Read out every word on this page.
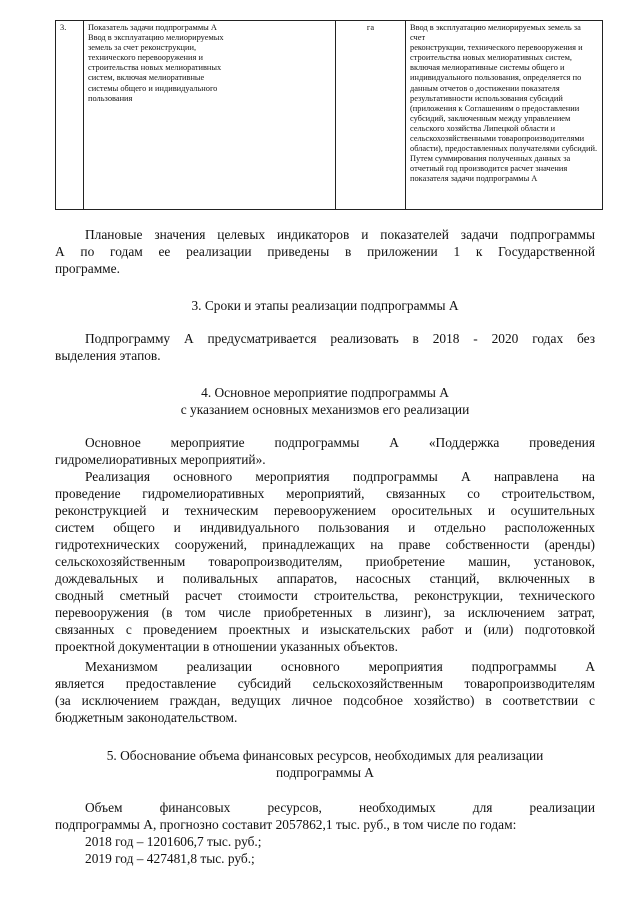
3.	Показатель задачи подпрограммы А
Ввод в эксплуатацию мелиорируемых
земель за счет реконструкции,
технического перевооружения и
строительства новых мелиоративных
систем, включая мелиоративные
системы общего и индивидуального
пользования
га	Ввод в эксплуатацию мелиорируемых земель за счет
реконструкции, технического перевооружения и
строительства новых мелиоративных систем,
включая мелиоративные системы общего и
индивидуального пользования, определяется по
данным отчетов о достижении показателя
результативности использования субсидий
(приложения к Соглашениям о предоставлении
субсидий, заключенным между управлением
сельского хозяйства Липецкой области и
сельскохозяйственными товаропроизводителями
области), предоставленных получателями субсидий.
Путем суммирования полученных данных за
отчетный год производится расчет значения
показателя задачи подпрограммы А
Плановые значения целевых индикаторов и показателей задачи подпрограммы
А по годам ее реализации приведены в приложении 1 к Государственной
программе.
3. Сроки и этапы реализации подпрограммы А
Подпрограмму А предусматривается реализовать в 2018 - 2020 годах без
выделения этапов.
4. Основное мероприятие подпрограммы А
с указанием основных механизмов его реализации
Основное мероприятие подпрограммы А «Поддержка проведения
гидромелиоративных мероприятий».
Реализация основного мероприятия подпрограммы А направлена на
проведение гидромелиоративных мероприятий, связанных со строительством,
реконструкцией и техническим перевооружением оросительных и осушительных
систем общего и индивидуального пользования и отдельно расположенных
гидротехнических сооружений, принадлежащих на праве собственности (аренды)
сельскохозяйственным товаропроизводителям, приобретение машин, установок,
дождевальных и поливальных аппаратов, насосных станций, включенных в
сводный сметный расчет стоимости строительства, реконструкции, технического
перевооружения (в том числе приобретенных в лизинг), за исключением затрат,
связанных с проведением проектных и изыскательских работ и (или) подготовкой
проектной документации в отношении указанных объектов.
Механизмом реализации основного мероприятия подпрограммы А
является предоставление субсидий сельскохозяйственным товаропроизводителям
(за исключением граждан, ведущих личное подсобное хозяйство) в соответствии с
бюджетным законодательством.
5. Обоснование объема финансовых ресурсов, необходимых для реализации
подпрограммы А
Объем финансовых ресурсов, необходимых для реализации
подпрограммы А, прогнозно составит 2057862,1 тыс. руб., в том числе по годам:
2018 год – 1201606,7 тыс. руб.;
2019 год – 427481,8 тыс. руб.;
